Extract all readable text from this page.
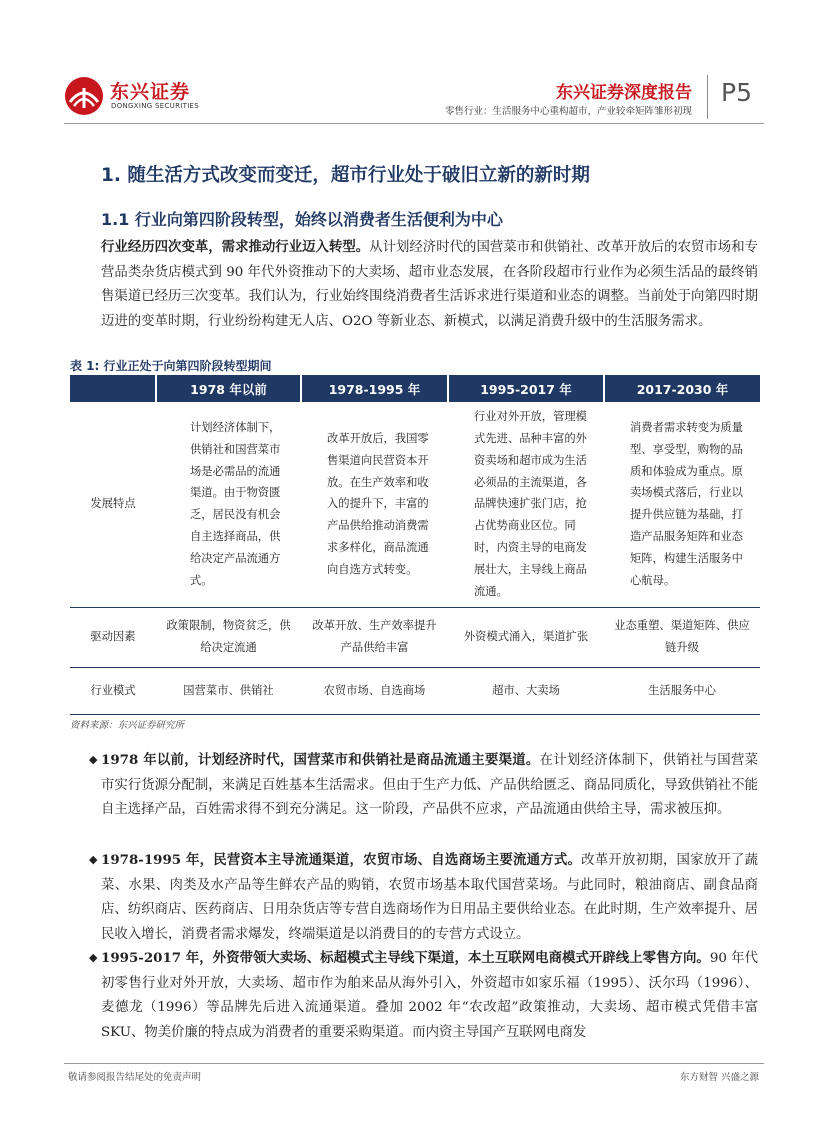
东兴证券
DONGXING SECURITIES
东兴证券深度报告
零售行业：生活服务中心重构超市，产业较牵矩阵雏形初现
P5
1. 随生活方式改变而变迁，超市行业处于破旧立新的新时期
1.1 行业向第四阶段转型，始终以消费者生活便利为中心
行业经历四次变革，需求推动行业迈入转型。从计划经济时代的国营菜市和供销社、改革开放后的农贸市场和专营品类杂货店模式到 90 年代外资推动下的大卖场、超市业态发展，在各阶段超市行业作为必须生活品的最终销售渠道已经历三次变革。我们认为，行业始终围绕消费者生活诉求进行渠道和业态的调整。当前处于向第四时期迈进的变革时期，行业纷纷构建无人店、O2O 等新业态、新模式，以满足消费升级中的生活服务需求。
表 1: 行业正处于向第四阶段转型期间
	1978 年以前	1978-1995 年	1995-2017 年	2017-2030 年
发展特点	计划经济体制下，供销社和国营菜市场是必需品的流通渠道。由于物资匮乏，居民没有机会自主选择商品，供给决定产品流通方式。	改革开放后，我国零售渠道向民营资本开放。在生产效率和收入的提升下，丰富的产品供给推动消费需求多样化，商品流通向自选方式转变。	行业对外开放，管理模式先进、品种丰富的外资卖场和超市成为生活必须品的主流渠道，各品牌快速扩张门店，抢占优势商业区位。同时，内资主导的电商发展壮大，主导线上商品流通。	消费者需求转变为质量型、享受型，购物的品质和体验成为重点。原卖场模式落后，行业以提升供应链为基础，打造产品服务矩阵和业态矩阵，构建生活服务中心航母。

驱动因素	政策限制，物资贫乏，供给决定流通	改革开放、生产效率提升产品供给丰富	外资模式涌入，渠道扩张	业态重塑、渠道矩阵、供应链升级
行业模式	国营菜市、供销社	农贸市场、自选商场	超市、大卖场	生活服务中心
资料来源：东兴证券研究所
◆ 1978 年以前，计划经济时代，国营菜市和供销社是商品流通主要渠道。在计划经济体制下，供销社与国营菜市实行货源分配制，来满足百姓基本生活需求。但由于生产力低、产品供给匮乏、商品同质化，导致供销社不能自主选择产品，百姓需求得不到充分满足。这一阶段，产品供不应求，产品流通由供给主导，需求被压抑。
◆ 1978-1995 年，民营资本主导流通渠道，农贸市场、自选商场主要流通方式。改革开放初期，国家放开了蔬菜、水果、肉类及水产品等生鲜农产品的购销，农贸市场基本取代国营菜场。与此同时，粮油商店、副食品商店、纺织商店、医药商店、日用杂货店等专营自选商场作为日用品主要供给业态。在此时期，生产效率提升、居民收入增长，消费者需求爆发，终端渠道是以消费目的的专营方式设立。
◆ 1995-2017 年，外资带领大卖场、标超模式主导线下渠道，本土互联网电商模式开辟线上零售方向。90 年代初零售行业对外开放，大卖场、超市作为舶来品从海外引入，外资超市如家乐福（1995）、沃尔玛（1996）、麦德龙（1996）等品牌先后进入流通渠道。叠加 2002 年“农改超”政策推动，大卖场、超市模式凭借丰富 SKU、物美价廉的特点成为消费者的重要采购渠道。而内资主导国产互联网电商发
敬请参阅报告结尾处的免责声明	东方财智 兴盛之源
